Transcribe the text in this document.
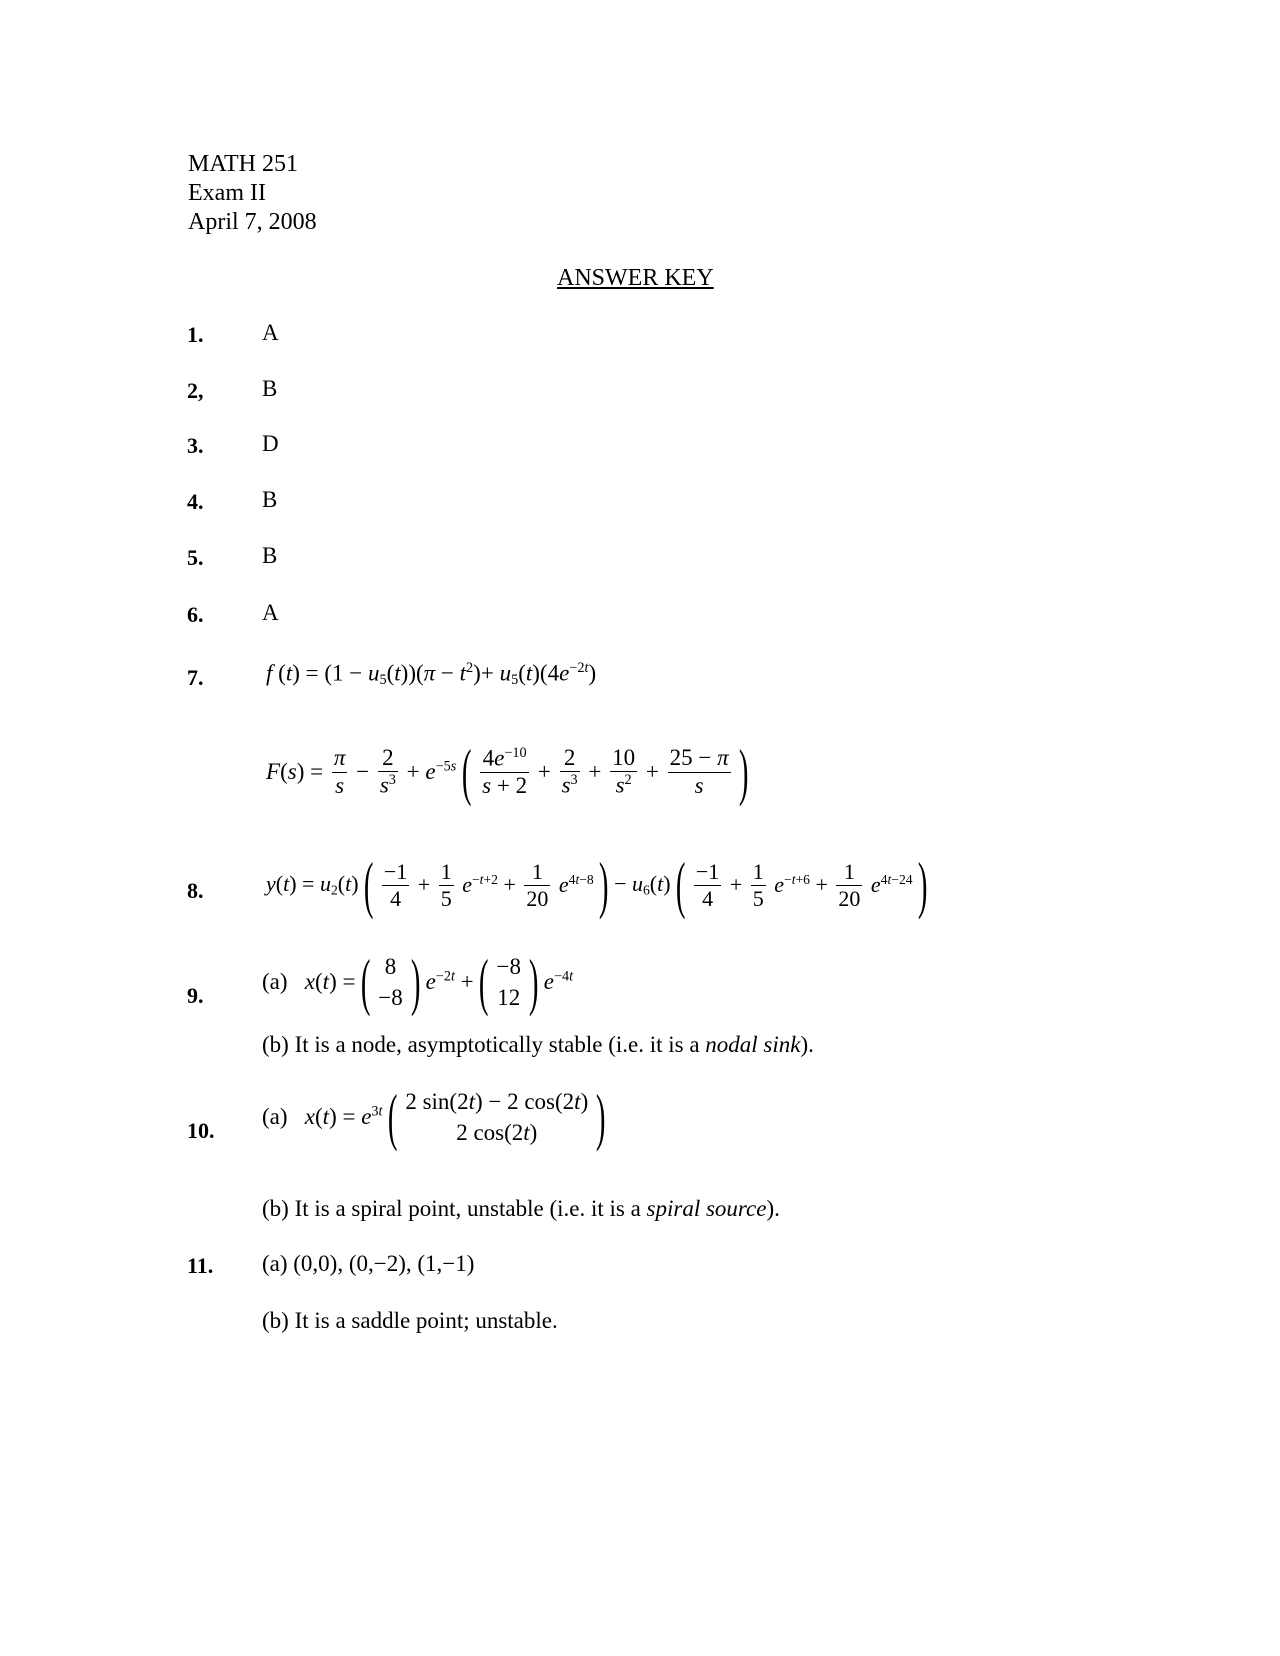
MATH 251
Exam II
April 7, 2008
ANSWER KEY
1.	A
2,	B
3.	D
4.	B
5.	B
6.	A
7.	f $(t) = (1 - u_5(t))(\pi - t^2)+ u_5(t)(4e^{-2t})$
$F(s) = \frac{\pi}{s} - \frac{2}{s^3} + e^{-5s}$ ( $\frac{4e^{-10}}{s + 2} + \frac{2}{s^3} + \frac{10}{s^2} + \frac{25 - \pi}{s}$ )
8.	$y(t) = u_2(t)$ ( $\frac{-1}{4} + \frac{1}{5} e^{-t+2} + \frac{1}{20} e^{4t-8}$ ) − $u_6(t)$ ( $\frac{-1}{4} + \frac{1}{5} e^{-t+6} + \frac{1}{20} e^{4t-24}$ )
9.
(a) x(t) = ( 8
−8 ) $e^{-2t}$ + ( −8
12 ) $e^{-4t}$
(b) It is a node, asymptotically stable (i.e. it is a nodal sink).
10.
(a) $x(t) = e^{3t}$ ( 2 sin(2t) − 2 cos(2t)
2 cos(2t) )
(b) It is a spiral point, unstable (i.e. it is a spiral source).
11. (a) (0,0), (0,−2), (1,−1)
(b) It is a saddle point; unstable.
